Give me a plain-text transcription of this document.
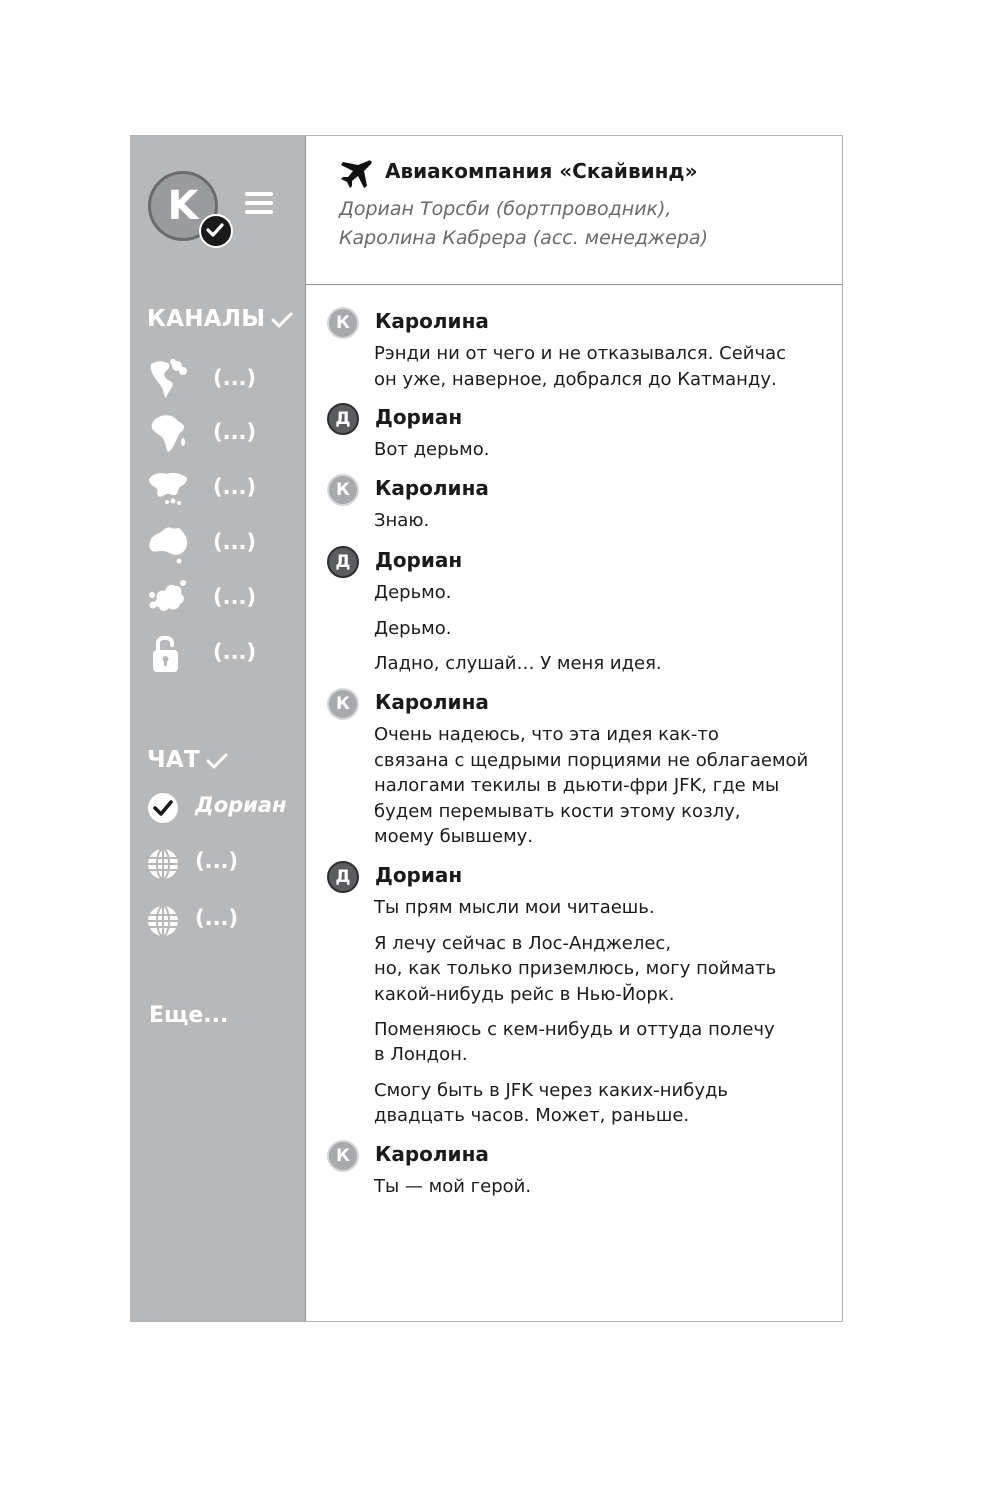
K
КАНАЛЫ
(...)
(...)
(...)
(...)
(...)
(...)
ЧАТ
Дориан
(...)
(...)
Еще...
Авиакомпания «Скайвинд»
Дориан Торсби (бортпроводник),
Каролина Кабрера (асс. менеджера)
К	Каролина
Рэнди ни от чего и не отказывался. Сейчас
он уже, наверное, добрался до Катманду.
Д	Дориан
Вот дерьмо.
К	Каролина
Знаю.
Д	Дориан
Дерьмо.
Дерьмо.
Ладно, слушай… У меня идея.
К	Каролина
Очень надеюсь, что эта идея как-то
связана с щедрыми порциями не облагаемой
налогами текилы в дьюти-фри JFK, где мы
будем перемывать кости этому козлу,
моему бывшему.
Д	Дориан
Ты прям мысли мои читаешь.
Я лечу сейчас в Лос-Анджелес,
но, как только приземлюсь, могу поймать
какой-нибудь рейс в Нью-Йорк.
Поменяюсь с кем-нибудь и оттуда полечу
в Лондон.
Смогу быть в JFK через каких-нибудь
двадцать часов. Может, раньше.
К	Каролина
Ты — мой герой.
